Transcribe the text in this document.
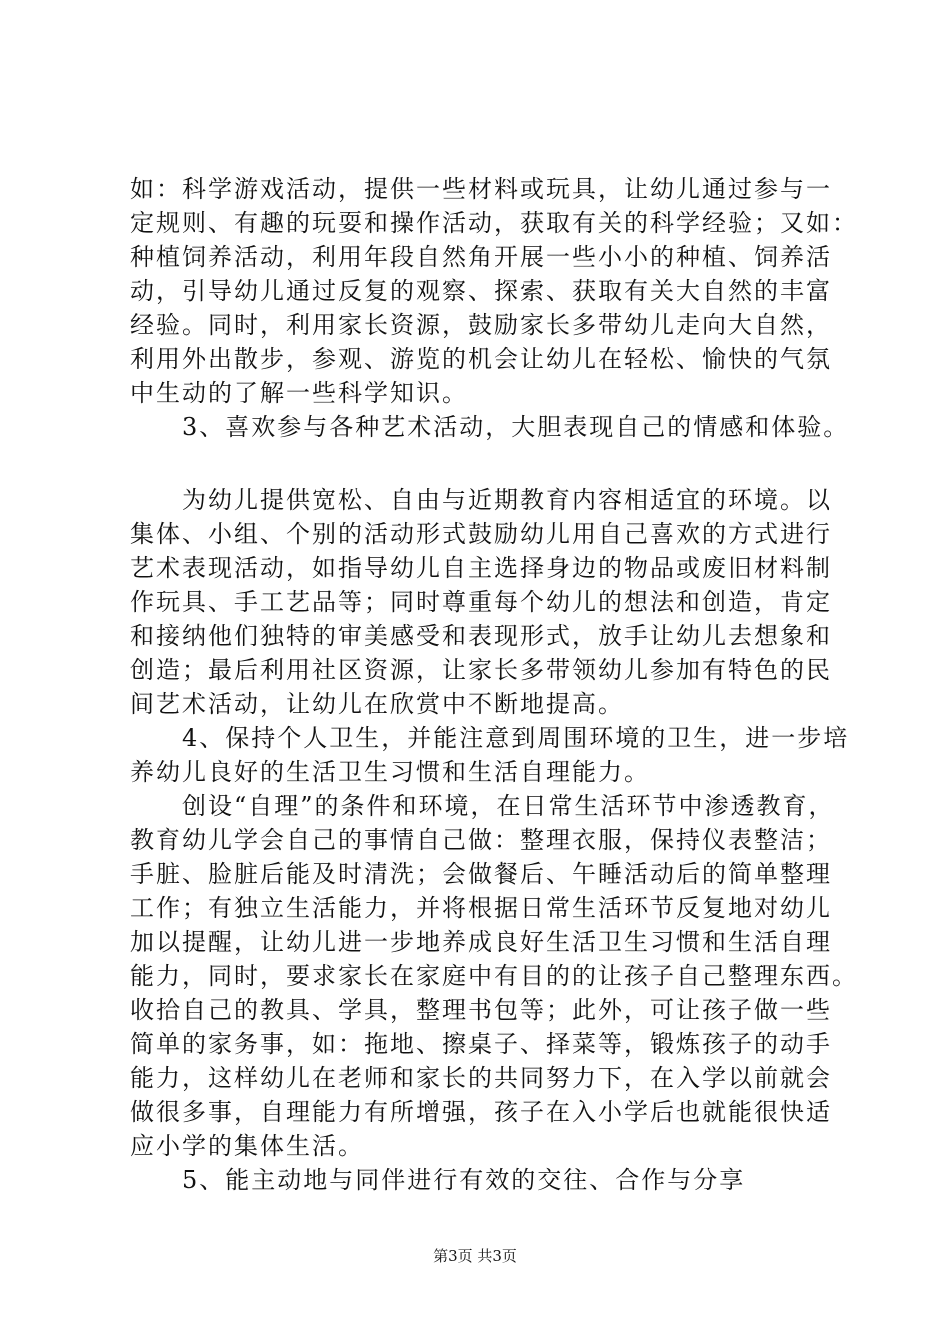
如：科学游戏活动，提供一些材料或玩具，让幼儿通过参与一
定规则、有趣的玩耍和操作活动，获取有关的科学经验；又如：
种植饲养活动，利用年段自然角开展一些小小的种植、饲养活
动，引导幼儿通过反复的观察、探索、获取有关大自然的丰富
经验。同时，利用家长资源，鼓励家长多带幼儿走向大自然，
利用外出散步，参观、游览的机会让幼儿在轻松、愉快的气氛
中生动的了解一些科学知识。
　　3、喜欢参与各种艺术活动，大胆表现自己的情感和体验。
　　为幼儿提供宽松、自由与近期教育内容相适宜的环境。以
集体、小组、个别的活动形式鼓励幼儿用自己喜欢的方式进行
艺术表现活动，如指导幼儿自主选择身边的物品或废旧材料制
作玩具、手工艺品等；同时尊重每个幼儿的想法和创造，肯定
和接纳他们独特的审美感受和表现形式，放手让幼儿去想象和
创造；最后利用社区资源，让家长多带领幼儿参加有特色的民
间艺术活动，让幼儿在欣赏中不断地提高。
　　4、保持个人卫生，并能注意到周围环境的卫生，进一步培
养幼儿良好的生活卫生习惯和生活自理能力。
　　创设“自理”的条件和环境，在日常生活环节中渗透教育，
教育幼儿学会自己的事情自己做：整理衣服，保持仪表整洁；
手脏、脸脏后能及时清洗；会做餐后、午睡活动后的简单整理
工作；有独立生活能力，并将根据日常生活环节反复地对幼儿
加以提醒，让幼儿进一步地养成良好生活卫生习惯和生活自理
能力，同时，要求家长在家庭中有目的的让孩子自己整理东西。
收拾自己的教具、学具，整理书包等；此外，可让孩子做一些
简单的家务事，如：拖地、擦桌子、择菜等，锻炼孩子的动手
能力，这样幼儿在老师和家长的共同努力下，在入学以前就会
做很多事，自理能力有所增强，孩子在入小学后也就能很快适
应小学的集体生活。
　　5、能主动地与同伴进行有效的交往、合作与分享
第3页 共3页
